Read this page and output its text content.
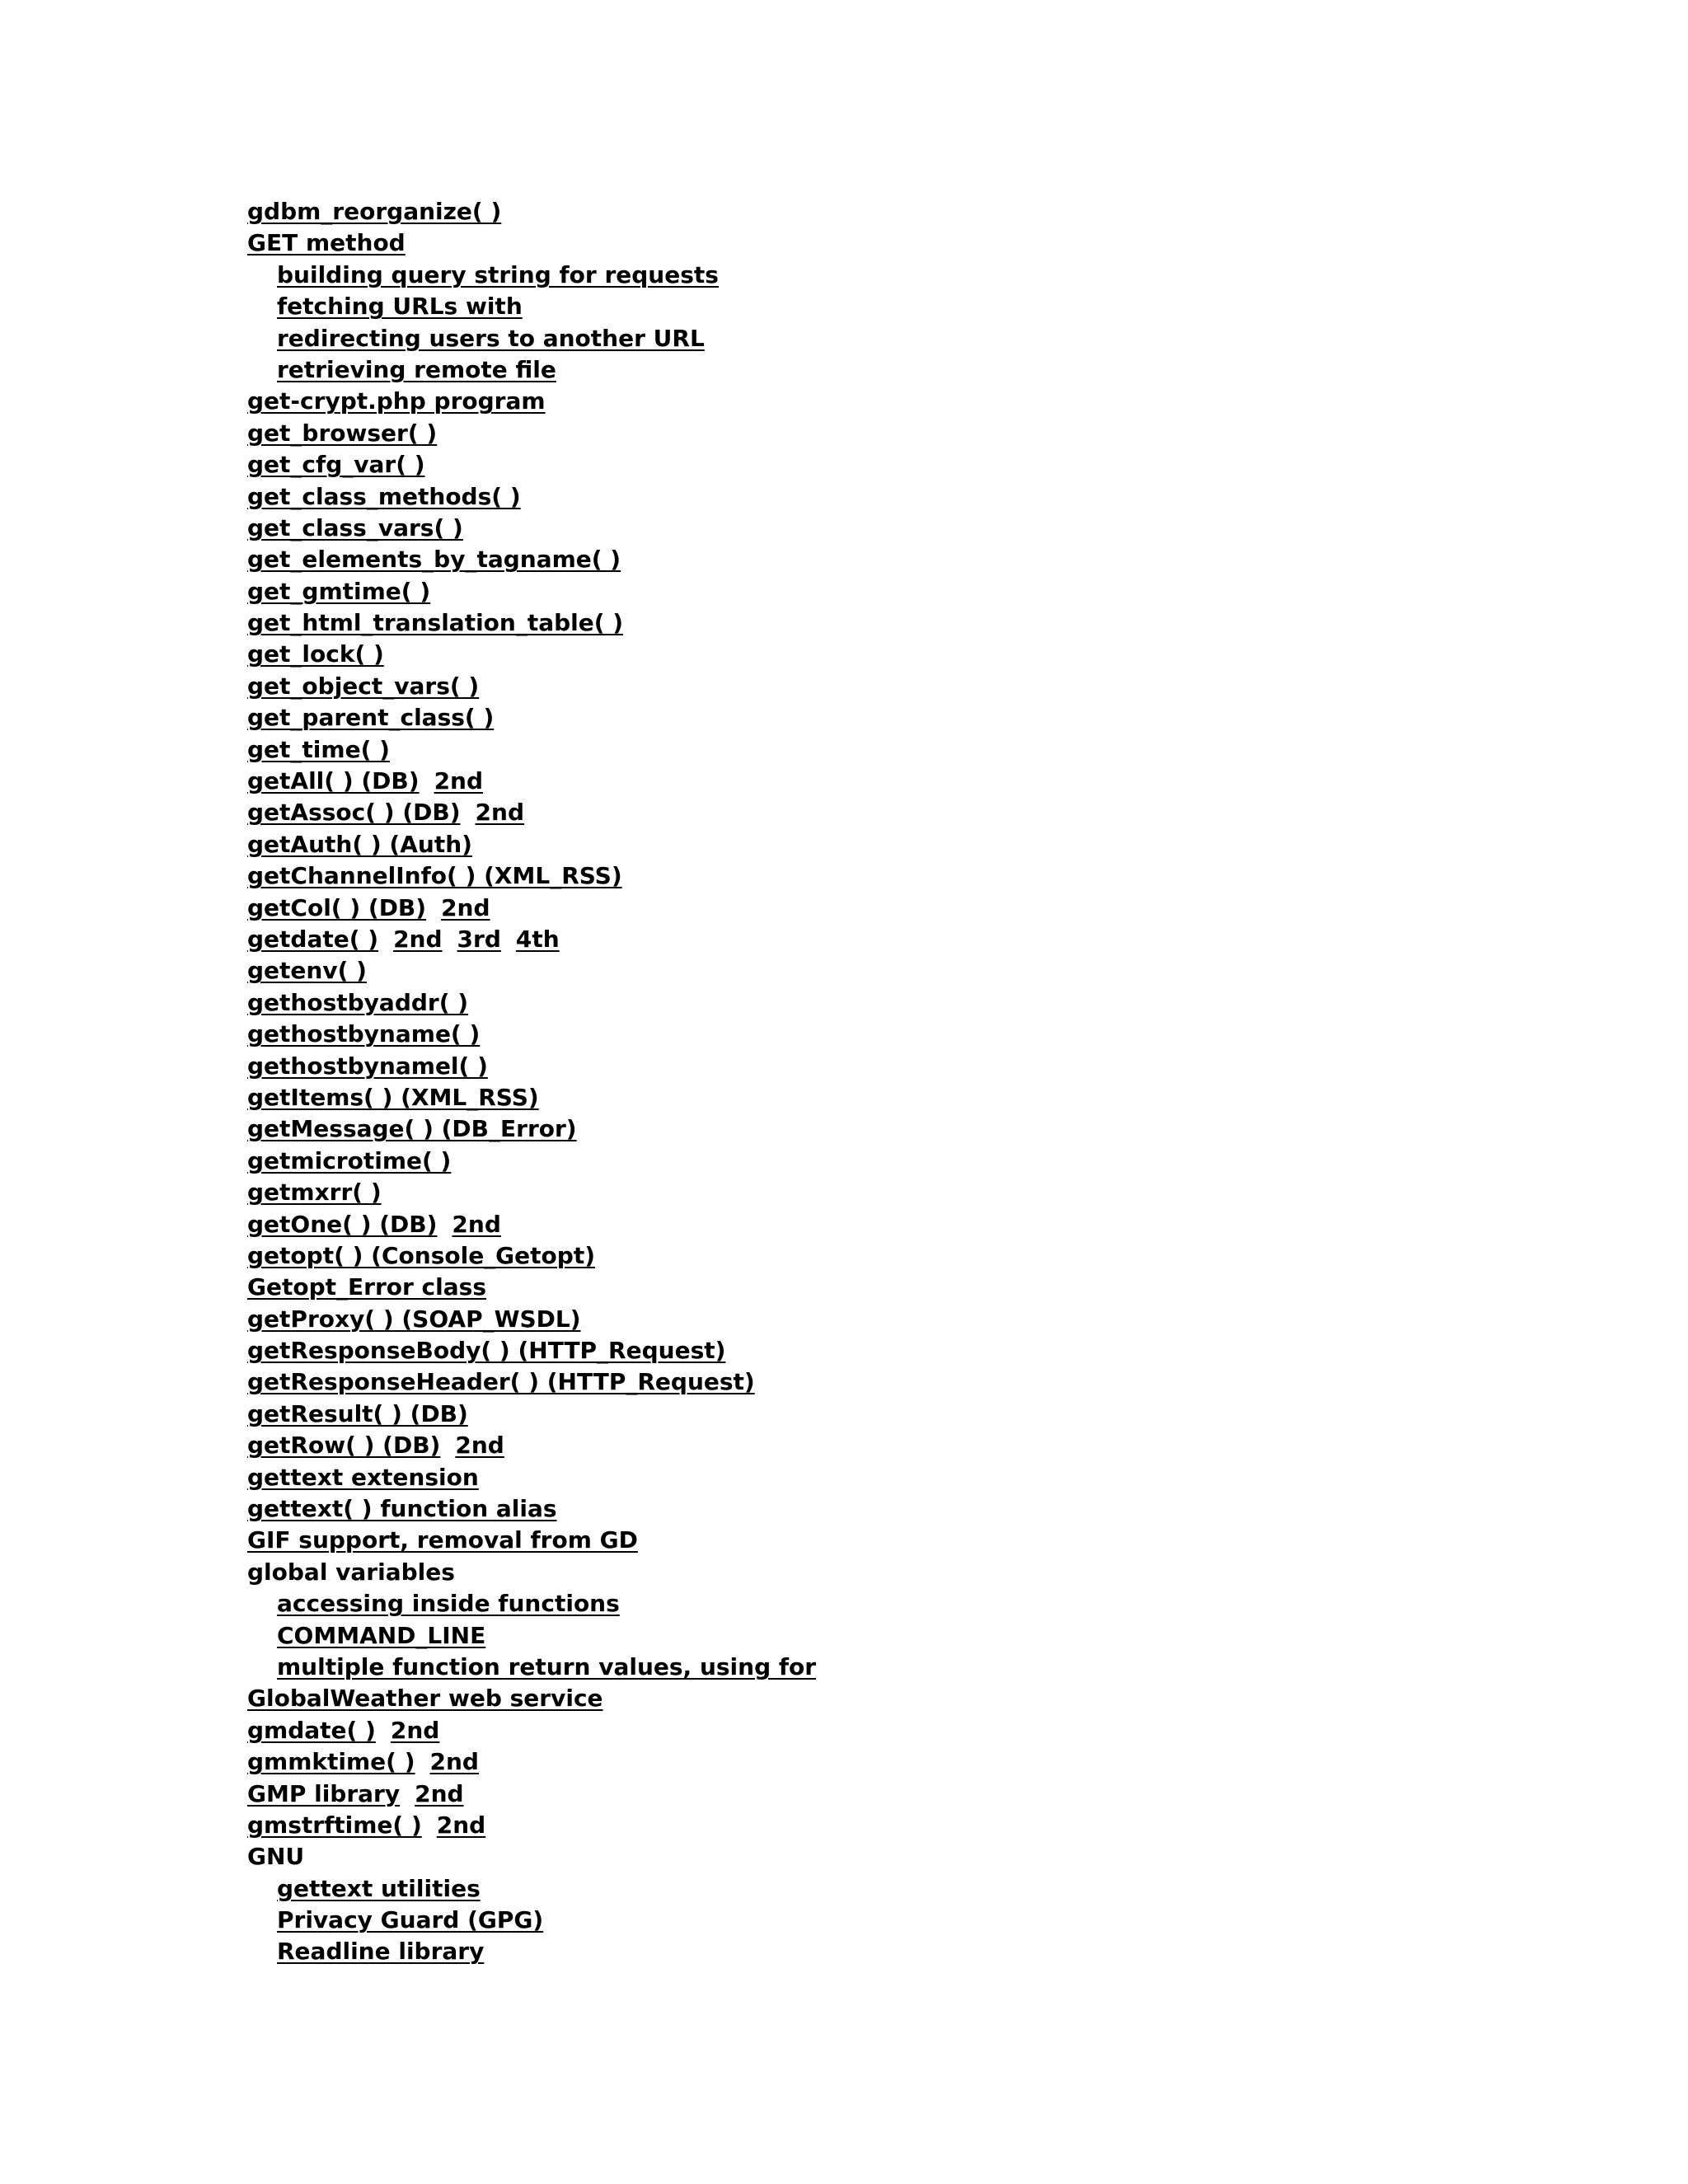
gdbm_reorganize( )
GET method
building query string for requests
fetching URLs with
redirecting users to another URL
retrieving remote file
get-crypt.php program
get_browser( )
get_cfg_var( )
get_class_methods( )
get_class_vars( )
get_elements_by_tagname( )
get_gmtime( )
get_html_translation_table( )
get_lock( )
get_object_vars( )
get_parent_class( )
get_time( )
getAll( ) (DB) 2nd
getAssoc( ) (DB) 2nd
getAuth( ) (Auth)
getChannelInfo( ) (XML_RSS)
getCol( ) (DB) 2nd
getdate( ) 2nd 3rd 4th
getenv( )
gethostbyaddr( )
gethostbyname( )
gethostbynamel( )
getItems( ) (XML_RSS)
getMessage( ) (DB_Error)
getmicrotime( )
getmxrr( )
getOne( ) (DB) 2nd
getopt( ) (Console_Getopt)
Getopt_Error class
getProxy( ) (SOAP_WSDL)
getResponseBody( ) (HTTP_Request)
getResponseHeader( ) (HTTP_Request)
getResult( ) (DB)
getRow( ) (DB) 2nd
gettext extension
gettext( ) function alias
GIF support, removal from GD
global variables
accessing inside functions
COMMAND_LINE
multiple function return values, using for
GlobalWeather web service
gmdate( ) 2nd
gmmktime( ) 2nd
GMP library 2nd
gmstrftime( ) 2nd
GNU
gettext utilities
Privacy Guard (GPG)
Readline library
